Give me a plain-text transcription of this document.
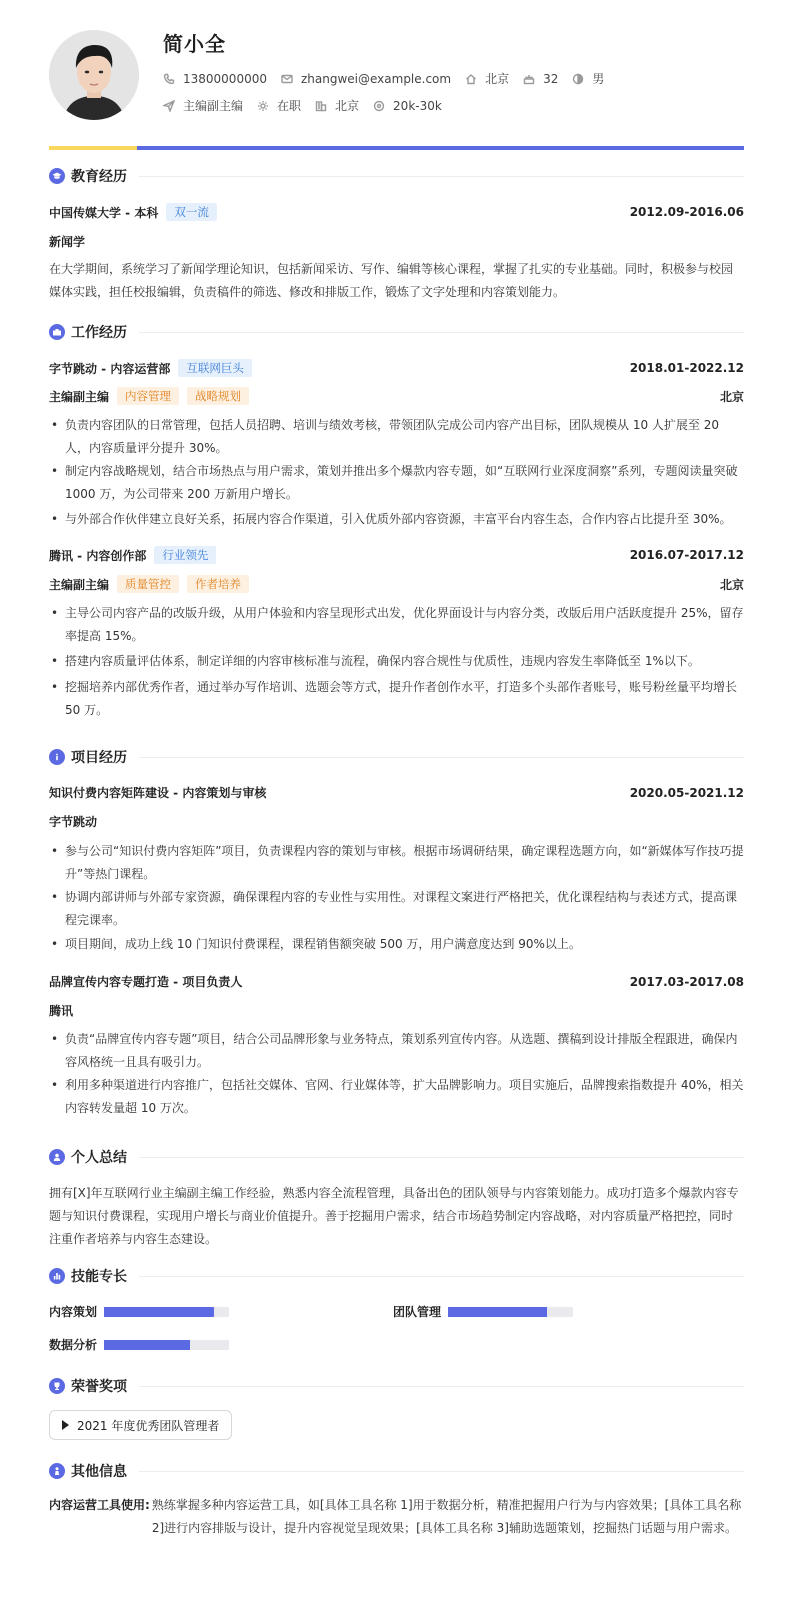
简小全
13800000000	zhangwei@example.com	北京	32	男
主编副主编	在职	北京	20k-30k
教育经历
中国传媒大学 - 本科	双一流	2012.09-2016.06
新闻学
在大学期间，系统学习了新闻学理论知识，包括新闻采访、写作、编辑等核心课程，掌握了扎实的专业基础。同时，积极参与校园媒体实践，担任校报编辑，负责稿件的筛选、修改和排版工作，锻炼了文字处理和内容策划能力。
工作经历
字节跳动 - 内容运营部	互联网巨头	2018.01-2022.12
主编副主编	内容管理	战略规划	北京
• 负责内容团队的日常管理，包括人员招聘、培训与绩效考核，带领团队完成公司内容产出目标，团队规模从 10 人扩展至 20 人，内容质量评分提升 30%。
• 制定内容战略规划，结合市场热点与用户需求，策划并推出多个爆款内容专题，如“互联网行业深度洞察”系列，专题阅读量突破 1000 万，为公司带来 200 万新用户增长。
• 与外部合作伙伴建立良好关系，拓展内容合作渠道，引入优质外部内容资源，丰富平台内容生态，合作内容占比提升至 30%。
腾讯 - 内容创作部	行业领先	2016.07-2017.12
主编副主编	质量管控	作者培养	北京
• 主导公司内容产品的改版升级，从用户体验和内容呈现形式出发，优化界面设计与内容分类，改版后用户活跃度提升 25%，留存率提高 15%。
• 搭建内容质量评估体系，制定详细的内容审核标准与流程，确保内容合规性与优质性，违规内容发生率降低至 1%以下。
• 挖掘培养内部优秀作者，通过举办写作培训、选题会等方式，提升作者创作水平，打造多个头部作者账号，账号粉丝量平均增长 50 万。
项目经历
知识付费内容矩阵建设 - 内容策划与审核	2020.05-2021.12
字节跳动
• 参与公司“知识付费内容矩阵”项目，负责课程内容的策划与审核。根据市场调研结果，确定课程选题方向，如“新媒体写作技巧提升”等热门课程。
• 协调内部讲师与外部专家资源，确保课程内容的专业性与实用性。对课程文案进行严格把关，优化课程结构与表述方式，提高课程完课率。
• 项目期间，成功上线 10 门知识付费课程，课程销售额突破 500 万，用户满意度达到 90%以上。
品牌宣传内容专题打造 - 项目负责人	2017.03-2017.08
腾讯
• 负责“品牌宣传内容专题”项目，结合公司品牌形象与业务特点，策划系列宣传内容。从选题、撰稿到设计排版全程跟进，确保内容风格统一且具有吸引力。
• 利用多种渠道进行内容推广，包括社交媒体、官网、行业媒体等，扩大品牌影响力。项目实施后，品牌搜索指数提升 40%，相关内容转发量超 10 万次。
个人总结
拥有[X]年互联网行业主编副主编工作经验，熟悉内容全流程管理，具备出色的团队领导与内容策划能力。成功打造多个爆款内容专题与知识付费课程，实现用户增长与商业价值提升。善于挖掘用户需求，结合市场趋势制定内容战略，对内容质量严格把控，同时注重作者培养与内容生态建设。
技能专长
内容策划	团队管理
数据分析
荣誉奖项
2021 年度优秀团队管理者
其他信息
内容运营工具使用: 熟练掌握多种内容运营工具，如[具体工具名称 1]用于数据分析，精准把握用户行为与内容效果；[具体工具名称 2]进行内容排版与设计，提升内容视觉呈现效果；[具体工具名称 3]辅助选题策划，挖掘热门话题与用户需求。
